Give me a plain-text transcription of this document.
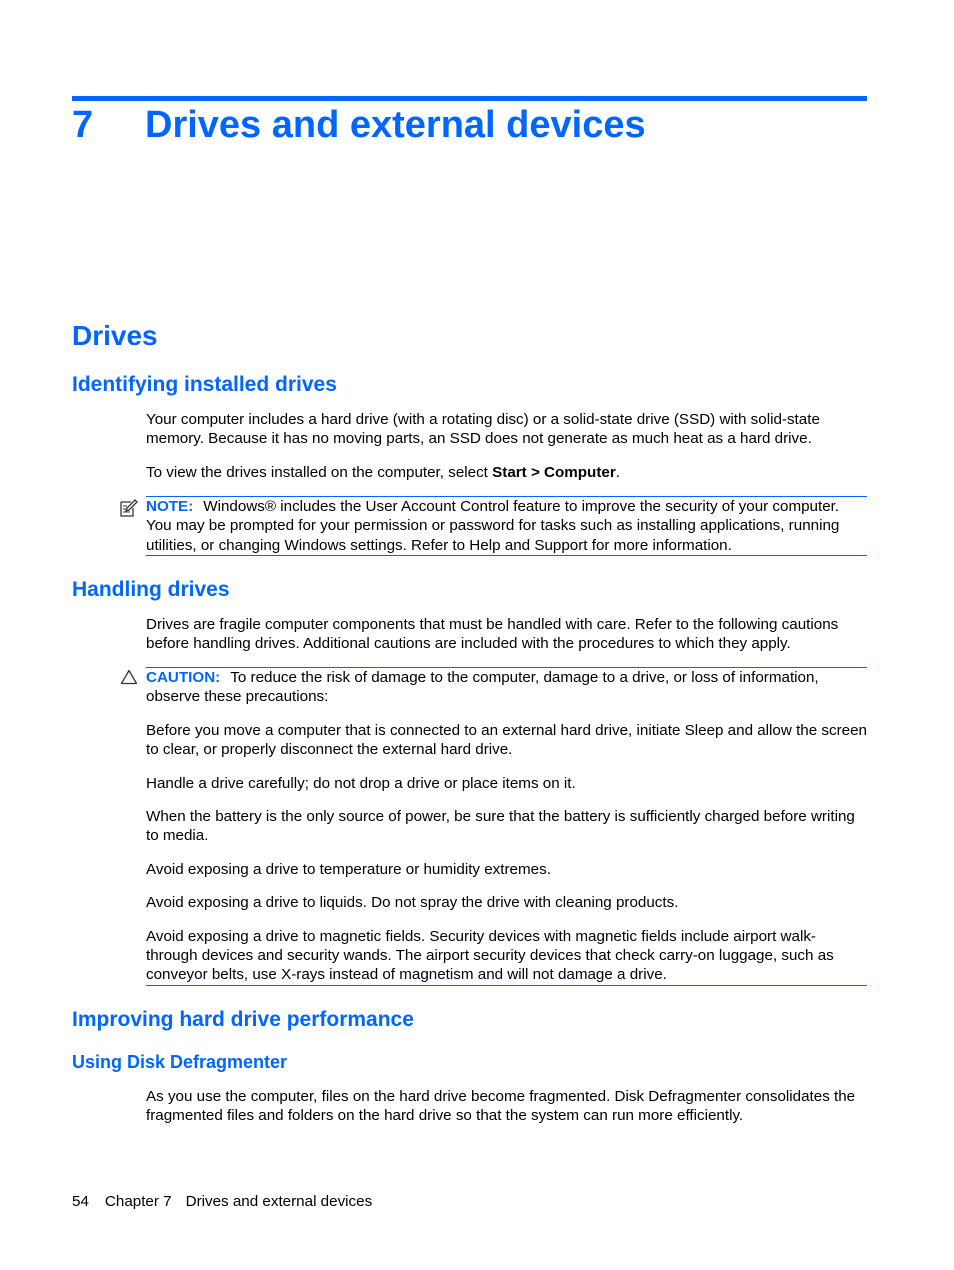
7 Drives and external devices
Drives
Identifying installed drives

Your computer includes a hard drive (with a rotating disc) or a solid-state drive (SSD) with solid-state memory. Because it has no moving parts, an SSD does not generate as much heat as a hard drive.

To view the drives installed on the computer, select Start > Computer.

NOTE: Windows® includes the User Account Control feature to improve the security of your computer. You may be prompted for your permission or password for tasks such as installing applications, running utilities, or changing Windows settings. Refer to Help and Support for more information.

Handling drives

Drives are fragile computer components that must be handled with care. Refer to the following cautions before handling drives. Additional cautions are included with the procedures to which they apply.

CAUTION: To reduce the risk of damage to the computer, damage to a drive, or loss of information, observe these precautions:

Before you move a computer that is connected to an external hard drive, initiate Sleep and allow the screen to clear, or properly disconnect the external hard drive.

Handle a drive carefully; do not drop a drive or place items on it.

When the battery is the only source of power, be sure that the battery is sufficiently charged before writing to media.

Avoid exposing a drive to temperature or humidity extremes.

Avoid exposing a drive to liquids. Do not spray the drive with cleaning products.

Avoid exposing a drive to magnetic fields. Security devices with magnetic fields include airport walk-through devices and security wands. The airport security devices that check carry-on luggage, such as conveyor belts, use X-rays instead of magnetism and will not damage a drive.

Improving hard drive performance
Using Disk Defragmenter

As you use the computer, files on the hard drive become fragmented. Disk Defragmenter consolidates the fragmented files and folders on the hard drive so that the system can run more efficiently.

54 Chapter 7 Drives and external devices
